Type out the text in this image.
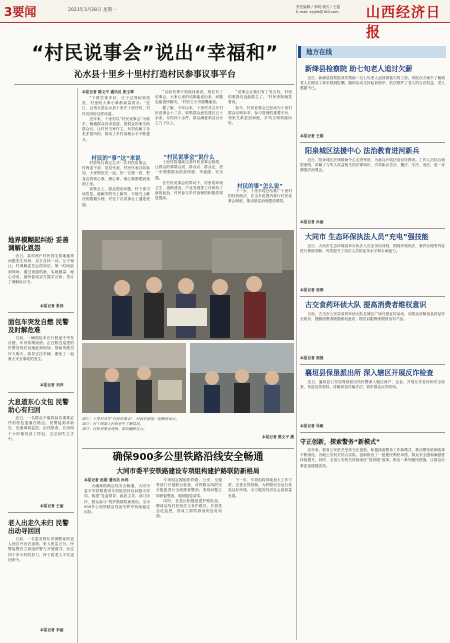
3要闻	2023年3月28日 星期一
责任编辑 / 李明 版式 / 王磊
E-mail: sxjjrb@163.com	山西经济日报
“村民说事会”说出“幸福和”
沁水县十里乡十里村打造村民参事议事平台
本报记者 陈文平 通讯员 张玉琴

“干群关系多好，日子过得和和美美，村里的大事小事都商量着办。”近日，记者走进沁水县十里乡十里村时，村民们纷纷这样说道。

近年来，十里村以“村民说事会”为抓手，畅通群众诉求渠道，把群众的事交给群众议，让村民当家作主，有效化解了各类矛盾纠纷，推动了乡村治理水平不断提升。

村民的“事”这“来说

村里每月固定召开一次村民说事会，村两委干部、党员代表、村民代表共同参加，大家围坐在一起，你一言我一语，把身边的烦心事、揪心事、难心事都摆到桌面上来。

说事会上，群众提出问题，村干部当场答复，能解决的马上解决，不能马上解决的限期办理，并在下次说事会上通报进展。

“以前有事不知道找谁说，现在有了说事会，大家心里的话都能说出来，问题也能很快解决。”村民王大爷感慨地说。

据了解，今年以来，十里村共召开村民说事会十二次，收集群众意见建议五十余条，办结四十余件，群众满意率达百分之九十以上。

“村民说事会”说什么

十里村将继续完善村民说事会制度，让群众的事群众说、群众议、群众定，进一步增强群众的获得感、幸福感、安全感。

在村民说事会的带动下，村里的环境卫生、道路建设、产业发展等工作都有了新的起色，村民参与乡村治理的积极性明显提高。

“说事会让我们有了发言权，村里的事我们也能做主了。”村民李阿姨笑着说。

如今，村民说事会已经成为十里村群众反映诉求、参与管理的重要平台，邻里关系更加和睦，乡风文明持续向好。

村民的事“怎么说”

下一步，十里乡将总结推广十里村的经验做法，在全乡范围内推行村民说事会制度，推动基层治理提质增效。

地界模糊起纠纷 妥善调解化恩怨

近日，某村两户村民因宅基地地界问题发生纠纷，双方各执一词，互不相让。村调解委员会得知后，第一时间赶到现场，通过查阅档案、实地测量、耐心劝说，最终促成双方握手言和，签订了调解协议书。

本报记者 张伟
面包车突发自燃 民警及时解危难

日前，一辆面包车在行驶途中突发自燃，车内浓烟滚滚。正在附近巡逻的民警发现后迅速赶到现场，帮助驾驶员扑灭明火，疏导过往车辆，避免了一起重大安全事故的发生。

本报记者 刘洋
大息道东心文包 民警助心有归回

近日，一名群众不慎将装有重要证件的挎包遗落在路边。民警接到求助后，迅速调取监控，沿线排查，仅用两个小时便找回了挎包，交还到失主手中。

本报记者 王丽
老人出走久未归 民警出动寻回回

日前，一名患有阿尔茨海默症的老人独自外出后迷路，家人焦急万分。民警接警后立即组织警力开展搜寻，经过四个多小时的努力，终于将老人平安送回家中。

本报记者 李丽
图①：十里村召开“村民说事会”，村民们围坐一起畅所欲言。
图②：村干部深入村民家中了解情况。
图③：村民说事会现场，群众踊跃发言。
本报记者 陈文平 摄
确保900多公里铁路沿线安全畅通
大同市委平安铁路建设专项组构建护路联防新格局
本报记者 赵刚 通讯员 孙伟

为确保铁路沿线安全畅通，大同市委平安铁路建设专项组坚持以问题为导向，构建“党委领导、政府主导、部门协作、群众参与”的护路联防新格局，全市900多公里铁路沿线治安秩序持续稳定向好。

专项组定期组织铁路、公安、交通等部门开展联合检查，对铁路沿线的安全隐患进行全面排查整治，发现问题立即督促整改，做到隐患清零。

同时，各县区积极组建护路队伍，聘请沿线村民担任义务护路员，开展常态化巡逻，形成了群防群治的良好局面。

下一步，专项组将持续加大工作力度，完善长效机制，为铁路安全运行营造良好环境，全力服务经济社会高质量发展。

地方在线
新绛县检察院 助七旬老人追讨欠薪

近日，新绛县检察院成功帮助一名七旬老人追回被拖欠的工资。该院在办案中了解到老人长期务工却未领到报酬，随即启动支持起诉程序，依法维护了老人的合法权益，老人感激不已。

本报记者 王刚
阳泉城区法援中心 法治教育进河新兵

近日，阳泉城区法律援助中心走进军营，为新兵开展法治宣传教育。工作人员结合典型案例，讲解了与军人权益相关的法律知识，引导新兵学法、懂法、守法、用法，进一步增强法治观念。

本报记者 孙丽
大同市 生态环保执法人员“充电”强技能

近日，大同市生态环境局举办执法人员业务培训班，围绕环境执法、案件办理等内容进行系统讲解，有效提升了执法人员的业务水平和办案能力。

本报记者 周涛
古交食药环侦大队 提高消费者维权意识

日前，古交市公安局食药环侦大队在城区广场开展宣传活动，向群众讲解食品药品安全知识，提醒消费者增强维权意识，擦亮双眼辨别假冒伪劣产品。

本报记者 郭强
襄垣县保垦派出所 深入辖区开展反诈检查

近日，襄垣县公安局保垦派出所民警深入辖区商户、企业，开展反诈宣传和安全检查，发放宣传资料，讲解常见诈骗手法，筑牢群众反诈防线。

本报记者 吴敏
守正创新，探索警务“新模式”

近年来，我省公安机关坚持守正创新，积极探索警务工作新模式，推动警务机制改革不断深化。各地公安机关结合实际，创新推出了一批便民利民举措，群众安全感和满意度持续提升。同时，全省公安机关持续深化“放管服”改革，推出一系列便民措施，让群众办事更加便捷高效。
